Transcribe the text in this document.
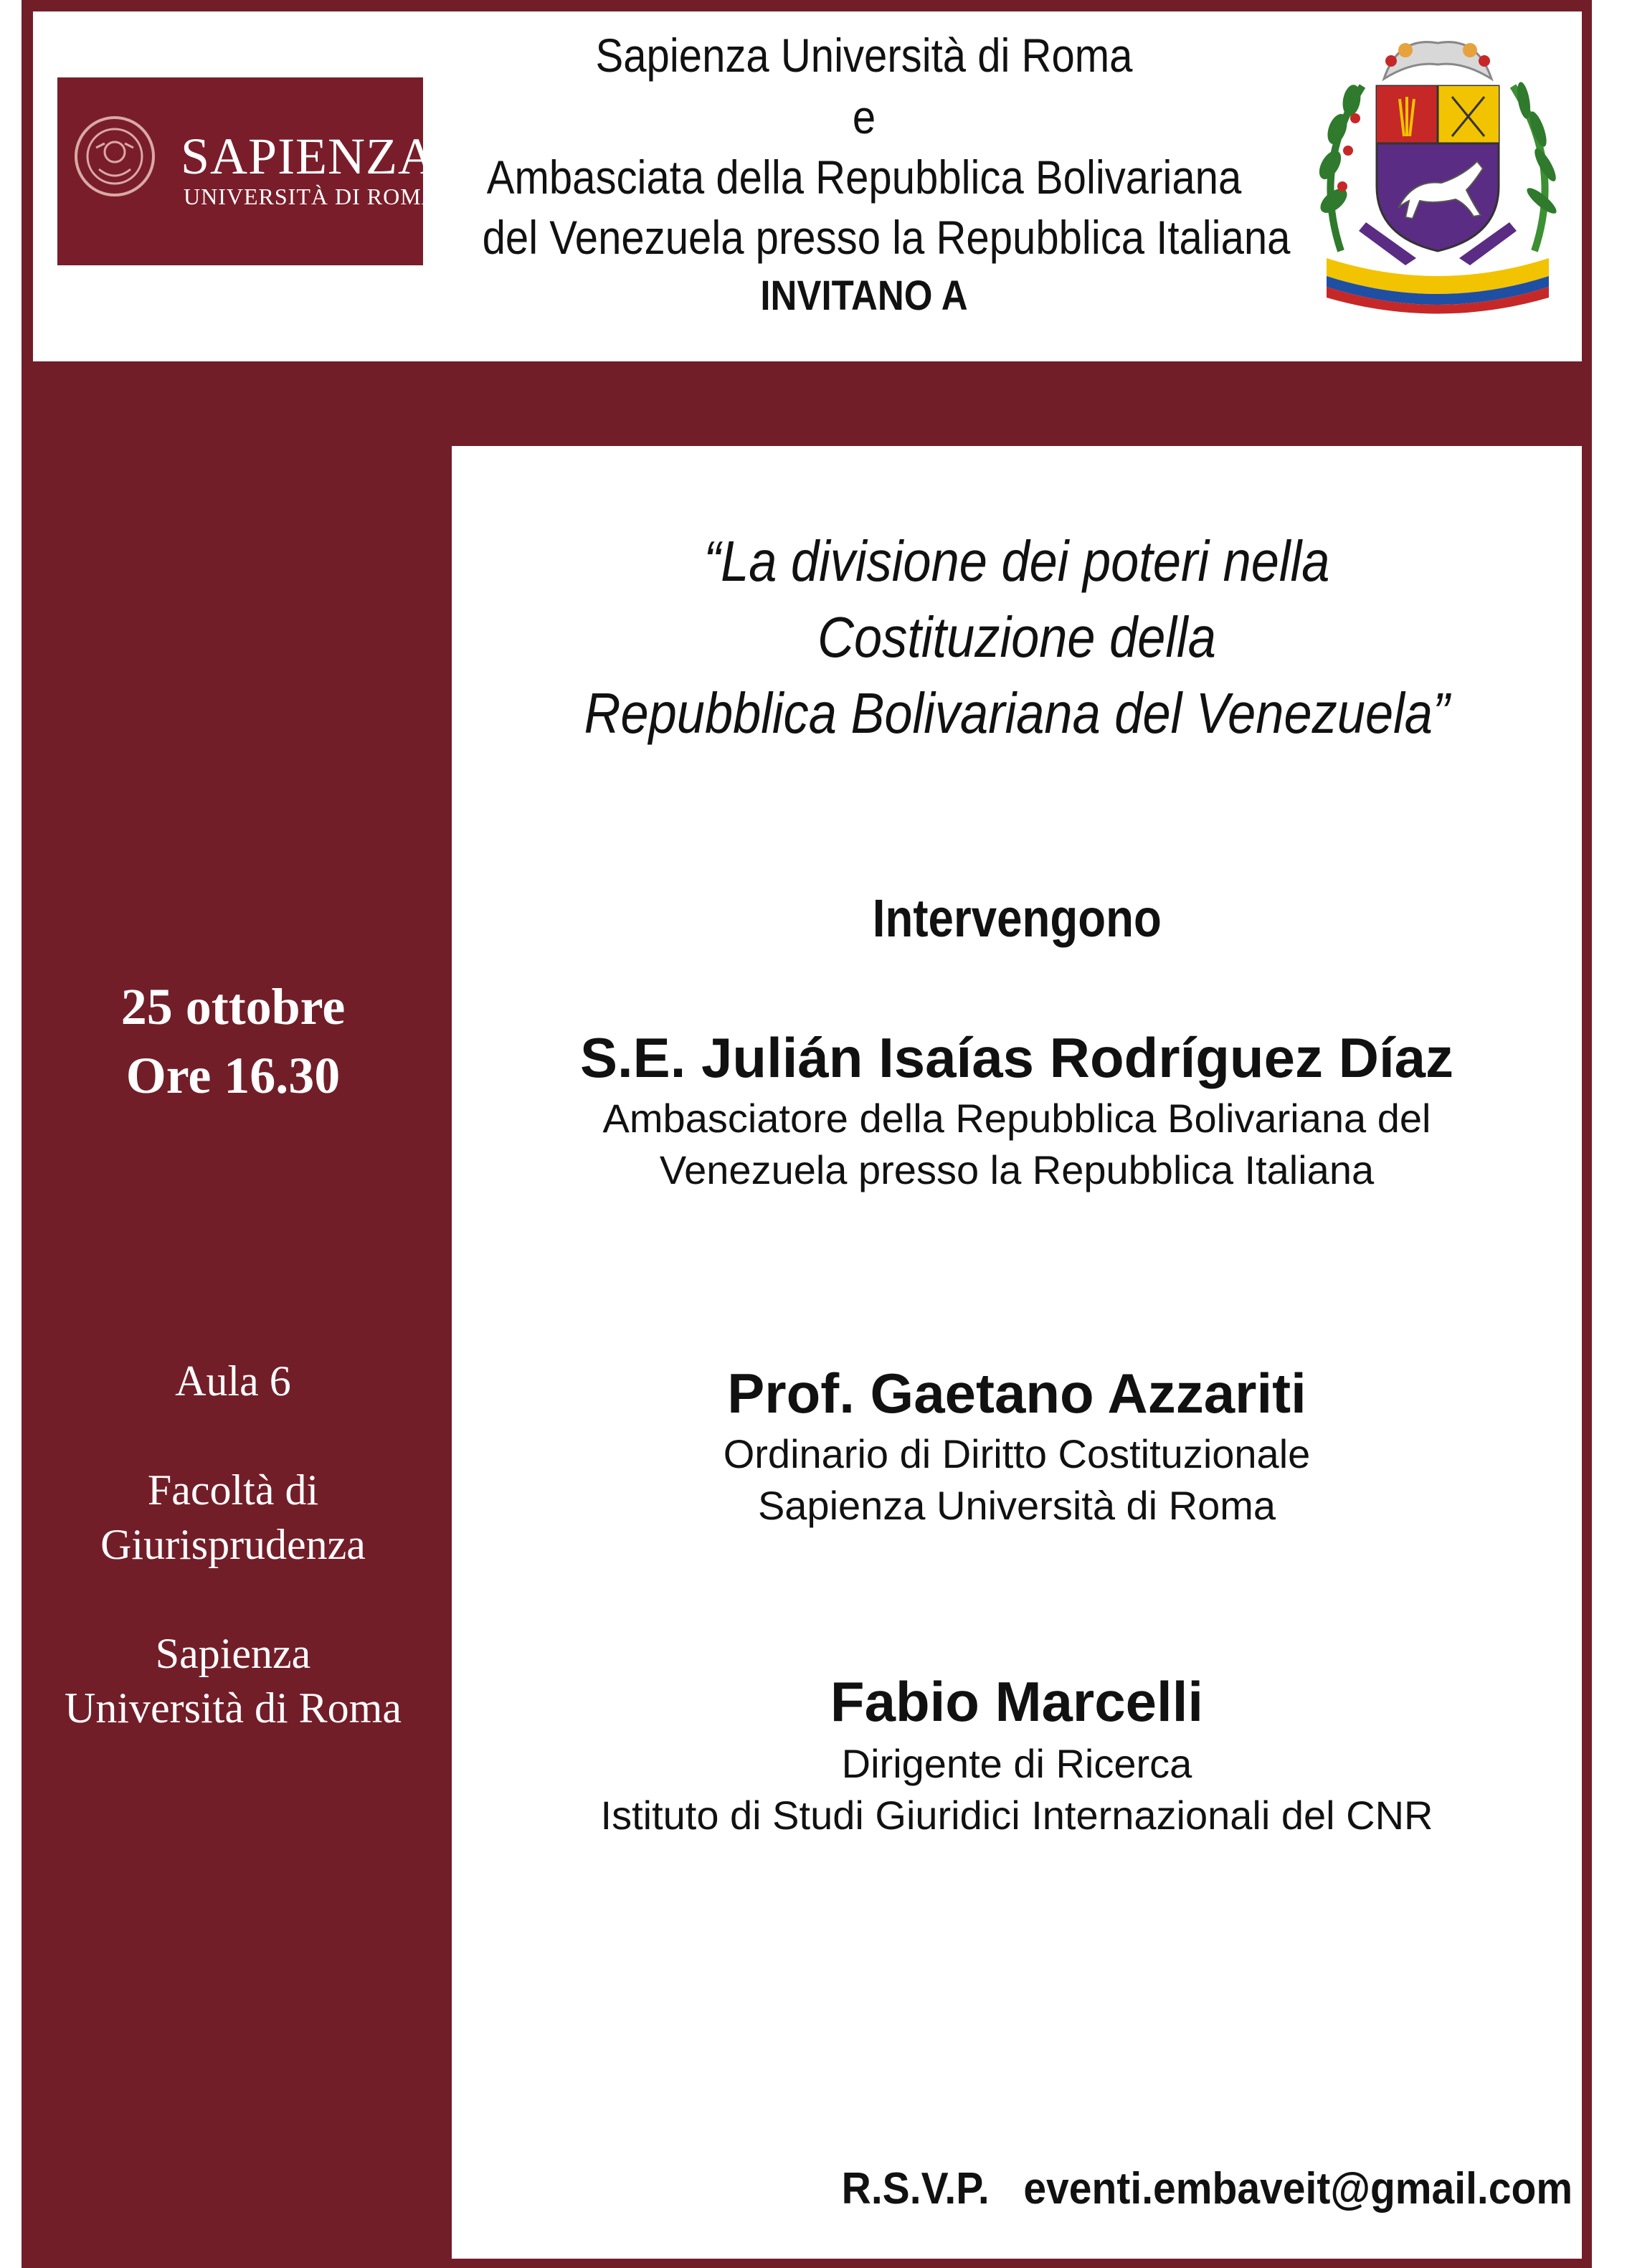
SAPIENZA
UNIVERSITÀ DI ROMA
Sapienza Università di Roma
e
Ambasciata della Repubblica Bolivariana
del Venezuela presso la Repubblica Italiana
INVITANO A
“La divisione dei poteri nella
Costituzione della
Repubblica Bolivariana del Venezuela”
25 ottobre
Ore 16.30
Aula 6
Facoltà di
Giurisprudenza
Sapienza
Università di Roma
Intervengono
S.E. Julián Isaías Rodríguez Díaz
Ambasciatore della Repubblica Bolivariana del
Venezuela presso la Repubblica Italiana
Prof. Gaetano Azzariti
Ordinario di Diritto Costituzionale
Sapienza Università di Roma
Fabio Marcelli
Dirigente di Ricerca
Istituto di Studi Giuridici Internazionali del CNR
R.S.V.P. eventi.embaveit@gmail.com
